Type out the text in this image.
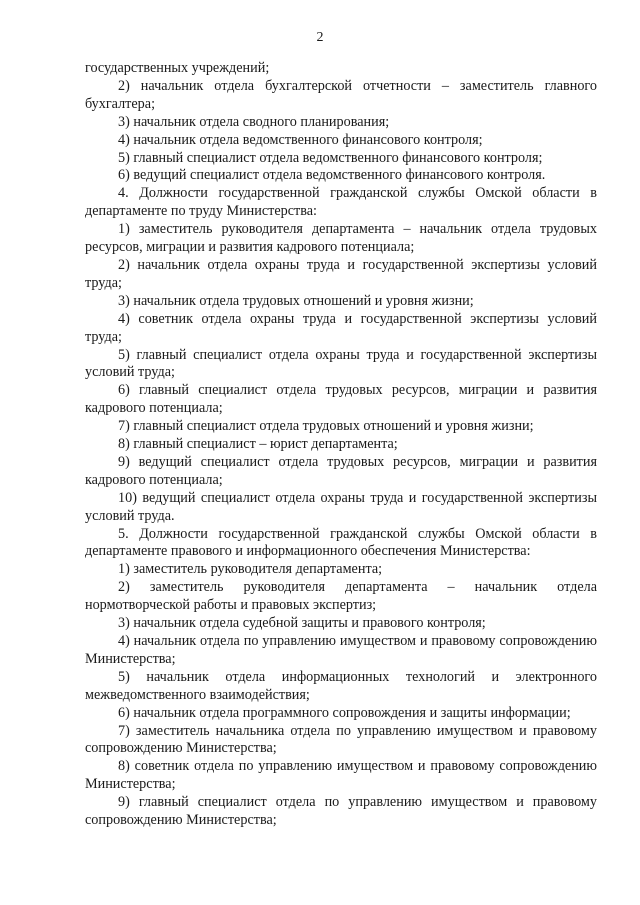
2

государственных учреждений;

2) начальник отдела бухгалтерской отчетности – заместитель главного бухгалтера;

3) начальник отдела сводного планирования;

4) начальник отдела ведомственного финансового контроля;

5) главный специалист отдела ведомственного финансового контроля;

6) ведущий специалист отдела ведомственного финансового контроля.

4. Должности государственной гражданской службы Омской области в департаменте по труду Министерства:

1) заместитель руководителя департамента – начальник отдела трудовых ресурсов, миграции и развития кадрового потенциала;

2) начальник отдела охраны труда и государственной экспертизы условий труда;

3) начальник отдела трудовых отношений и уровня жизни;

4) советник отдела охраны труда и государственной экспертизы условий труда;

5) главный специалист отдела охраны труда и государственной экспертизы условий труда;

6) главный специалист отдела трудовых ресурсов, миграции и развития кадрового потенциала;

7) главный специалист отдела трудовых отношений и уровня жизни;

8) главный специалист – юрист департамента;

9) ведущий специалист отдела трудовых ресурсов, миграции и развития кадрового потенциала;

10) ведущий специалист отдела охраны труда и государственной экспертизы условий труда.

5. Должности государственной гражданской службы Омской области в департаменте правового и информационного обеспечения Министерства:

1) заместитель руководителя департамента;

2) заместитель руководителя департамента – начальник отдела нормотворческой работы и правовых экспертиз;

3) начальник отдела судебной защиты и правового контроля;

4) начальник отдела по управлению имуществом и правовому сопровождению Министерства;

5) начальник отдела информационных технологий и электронного межведомственного взаимодействия;

6) начальник отдела программного сопровождения и защиты информации;

7) заместитель начальника отдела по управлению имуществом и правовому сопровождению Министерства;

8) советник отдела по управлению имуществом и правовому сопровождению Министерства;

9) главный специалист отдела по управлению имуществом и правовому сопровождению Министерства;
